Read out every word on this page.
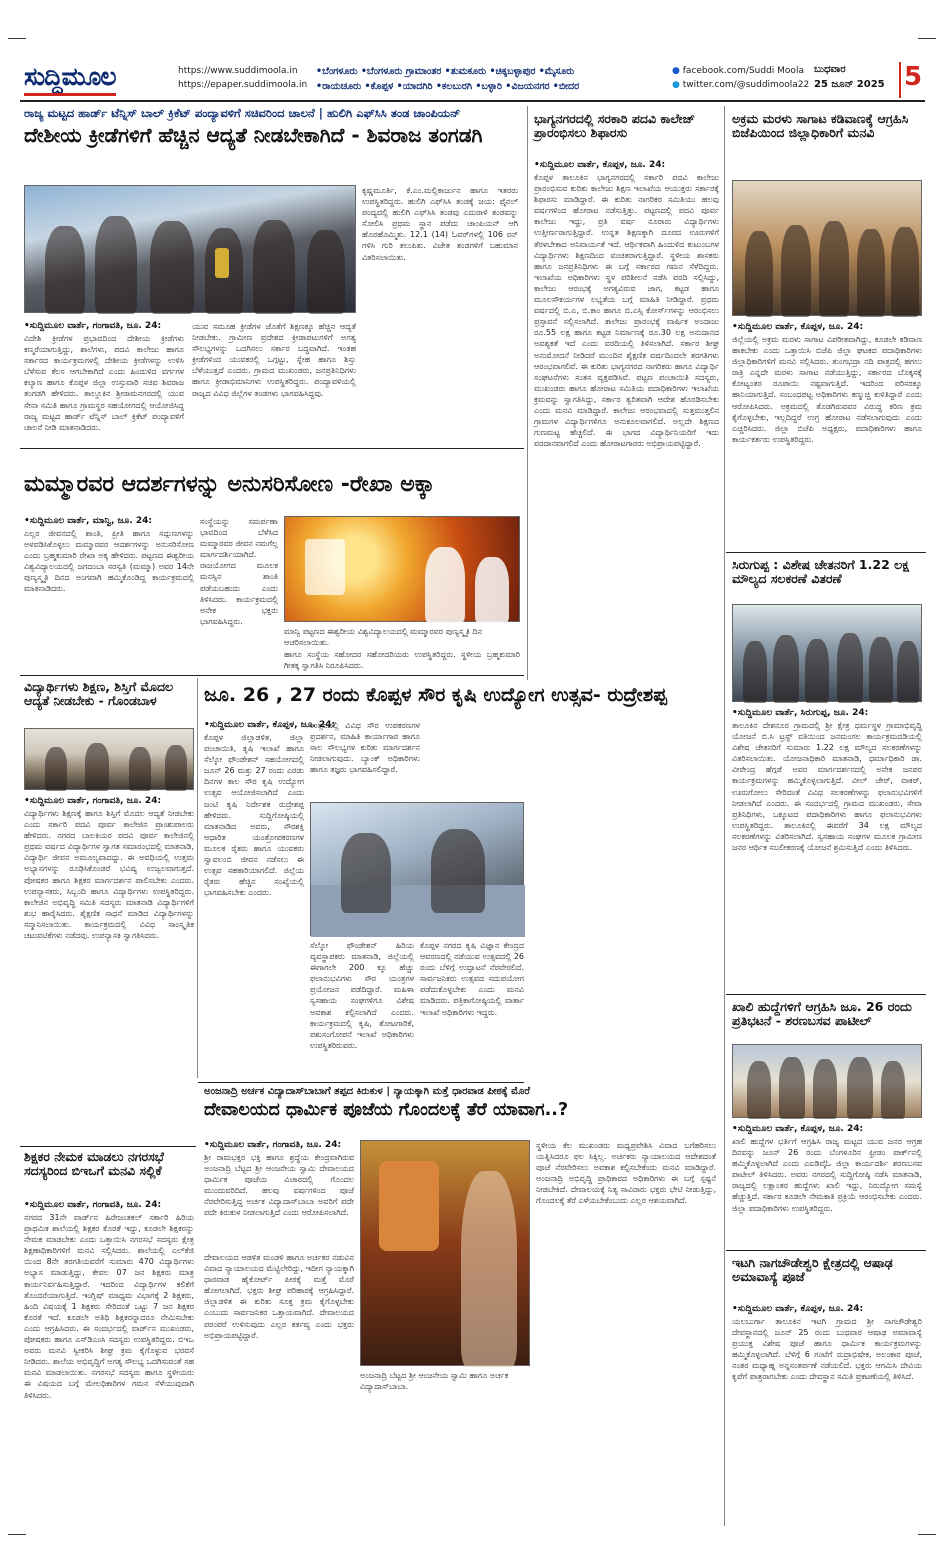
ಸುದ್ದಿಮೂಲ	https://www.suddimoola.in
https://epaper.suddimoola.in
•ಬೆಂಗಳೂರು •ಬೆಂಗಳೂರು ಗ್ರಾಮಾಂತರ •ತುಮಕೂರು •ಚಿಕ್ಕಬಳ್ಳಾಪುರ •ಮೈಸೂರು
•ರಾಯಚೂರು •ಕೊಪ್ಪಳ •ಯಾದಗಿರಿ •ಕಲಬುರಗಿ •ಬಳ್ಳಾರಿ •ವಿಜಯನಗರ •ಬೀದರ
● facebook.com/Suddi Moola
● twitter.com/@suddimoola22
ಬುಧವಾರ
25 ಜೂನ್ 2025 5
ರಾಜ್ಯ ಮಟ್ಟದ ಹಾರ್ಡ್ ಟೆನ್ನಿಸ್ ಬಾಲ್ ಕ್ರಿಕೆಟ್ ಪಂದ್ಯಾವಳಿಗೆ ಸಚಿವರಿಂದ ಚಾಲನೆ | ಹುಲಿಗಿ ಎಫ್‌ಸಿಸಿ ತಂಡ ಚಾಂಪಿಯನ್
ದೇಶೀಯ ಕ್ರೀಡೆಗಳಿಗೆ ಹೆಚ್ಚಿನ ಆದ್ಯತೆ ನೀಡಬೇಕಾಗಿದೆ - ಶಿವರಾಜ ತಂಗಡಗಿ
ಕೃಷ್ಣಮೂರ್ತಿ, ಕೆ.ಎಂ.ಮಲ್ಲಿಕಾರ್ಜುನ ಹಾಗೂ ಇತರರು ಉಪಸ್ಥಿತರಿದ್ದರು. ಹುಲಿಗಿ ಎಫ್‌ಸಿಸಿ ತಂಡಕ್ಕೆ ಜಯ: ಫೈನಲ್ ಪಂದ್ಯದಲ್ಲಿ ಹುಲಿಗಿ ಎಫ್‌ಸಿಸಿ ತಂಡವು ಎದುರಾಳಿ ತಂಡವನ್ನು ಸೋಲಿಸಿ ಪ್ರಥಮ ಸ್ಥಾನ ಪಡೆದು ಚಾಂಪಿಯನ್ ಆಗಿ ಹೊರಹೊಮ್ಮಿತು. 12.1 (14) ಓವರ್‌ಗಳಲ್ಲಿ 106 ರನ್ ಗಳಿಸಿ ಗುರಿ ತಲುಪಿತು. ವಿಜೇತ ತಂಡಗಳಿಗೆ ಬಹುಮಾನ ವಿತರಿಸಲಾಯಿತು.
•ಸುದ್ದಿಮೂಲ ವಾರ್ತೆ, ಗಂಗಾವತಿ, ಜೂ. 24:
ವಿದೇಶಿ ಕ್ರೀಡೆಗಳ ಪ್ರಭಾವದಿಂದ ದೇಶೀಯ ಕ್ರೀಡೆಗಳು ಕಣ್ಮರೆಯಾಗುತ್ತಿದ್ದು, ಶಾಲೆಗಳು, ಪದವಿ ಕಾಲೇಜು ಹಾಗೂ ಸರ್ಕಾರದ ಕಾರ್ಯಕ್ರಮಗಳಲ್ಲಿ ದೇಶೀಯ ಕ್ರೀಡೆಗಳನ್ನು ಉಳಿಸಿ ಬೆಳೆಸುವ ಕೆಲಸ ಆಗಬೇಕಾಗಿದೆ ಎಂದು ಹಿಂದುಳಿದ ವರ್ಗಗಳ ಕಲ್ಯಾಣ ಹಾಗೂ ಕೊಪ್ಪಳ ಜಿಲ್ಲಾ ಉಸ್ತುವಾರಿ ಸಚಿವ ಶಿವರಾಜ ತಂಗಡಗಿ ಹೇಳಿದರು. ತಾಲ್ಲೂಕಿನ ಶ್ರೀರಾಮನಗರದಲ್ಲಿ ಯುವ ಸೇನಾ ಸಮಿತಿ ಹಾಗೂ ಗ್ರಾಮಸ್ಥರ ಸಹಯೋಗದಲ್ಲಿ ಆಯೋಜಿಸಿದ್ದ ರಾಜ್ಯ ಮಟ್ಟದ ಹಾರ್ಡ್ ಟೆನ್ನಿಸ್ ಬಾಲ್ ಕ್ರಿಕೆಟ್ ಪಂದ್ಯಾವಳಿಗೆ ಚಾಲನೆ ನೀಡಿ ಮಾತನಾಡಿದರು.
ಯುವ ಸಮೂಹ ಕ್ರೀಡೆಗಳ ಜೊತೆಗೆ ಶಿಕ್ಷಣಕ್ಕೂ ಹೆಚ್ಚಿನ ಆದ್ಯತೆ ನೀಡಬೇಕು. ಗ್ರಾಮೀಣ ಪ್ರದೇಶದ ಕ್ರೀಡಾಪಟುಗಳಿಗೆ ಅಗತ್ಯ ಸೌಲಭ್ಯಗಳನ್ನು ಒದಗಿಸಲು ಸರ್ಕಾರ ಬದ್ಧವಾಗಿದೆ. ಇಂತಹ ಕ್ರೀಡೆಗಳಿಂದ ಯುವಕರಲ್ಲಿ ಒಗ್ಗಟ್ಟು, ಸ್ನೇಹ ಹಾಗೂ ಶಿಸ್ತು ಬೆಳೆಯುತ್ತದೆ ಎಂದರು. ಗ್ರಾಮದ ಮುಖಂಡರು, ಜನಪ್ರತಿನಿಧಿಗಳು ಹಾಗೂ ಕ್ರೀಡಾಭಿಮಾನಿಗಳು ಉಪಸ್ಥಿತರಿದ್ದರು. ಪಂದ್ಯಾವಳಿಯಲ್ಲಿ ರಾಜ್ಯದ ವಿವಿಧ ಜಿಲ್ಲೆಗಳ ತಂಡಗಳು ಭಾಗವಹಿಸಿದ್ದವು.
ಮಮ್ಮಾರವರ ಆದರ್ಶಗಳನ್ನು ಅನುಸರಿಸೋಣ -ರೇಖಾ ಅಕ್ಕಾ
•ಸುದ್ದಿಮೂಲ ವಾರ್ತೆ, ಮಾನ್ವಿ, ಜೂ. 24:
ಎಲ್ಲರ ಜೀವನದಲ್ಲಿ ಶಾಂತಿ, ಪ್ರೀತಿ ಹಾಗೂ ಸದ್ಗುಣಗಳನ್ನು ಅಳವಡಿಸಿಕೊಳ್ಳಲು ಮಮ್ಮಾರವರ ಆದರ್ಶಗಳನ್ನು ಅನುಸರಿಸೋಣ ಎಂದು ಬ್ರಹ್ಮಕುಮಾರಿ ರೇಖಾ ಅಕ್ಕ ಹೇಳಿದರು. ಪಟ್ಟಣದ ಈಶ್ವರೀಯ ವಿಶ್ವವಿದ್ಯಾಲಯದಲ್ಲಿ ಜಗದಂಬಾ ಸರಸ್ವತಿ (ಮಮ್ಮಾ) ಅವರ 14ನೇ ಪುಣ್ಯಸ್ಮೃತಿ ದಿನದ ಅಂಗವಾಗಿ ಹಮ್ಮಿಕೊಂಡಿದ್ದ ಕಾರ್ಯಕ್ರಮದಲ್ಲಿ ಮಾತನಾಡಿದರು.
ಸಂಸ್ಥೆಯನ್ನು ಸಮರ್ಪಣಾ ಭಾವದಿಂದ ಬೆಳೆಸಿದ ಮಮ್ಮಾರವರ ಜೀವನ ನಮಗೆಲ್ಲ ಮಾರ್ಗದರ್ಶಿಯಾಗಿದೆ. ರಾಜಯೋಗದ ಮೂಲಕ ಮನಸ್ಸಿನ ಶಾಂತಿ ಪಡೆಯಬಹುದು ಎಂದು ತಿಳಿಸಿದರು. ಕಾರ್ಯಕ್ರಮದಲ್ಲಿ ಅನೇಕ ಭಕ್ತರು ಭಾಗವಹಿಸಿದ್ದರು.
ಮಾನ್ವಿ ಪಟ್ಟಣದ ಈಶ್ವರೀಯ ವಿಶ್ವವಿದ್ಯಾಲಯದಲ್ಲಿ ಮಮ್ಮಾರವರ ಪುಣ್ಯಸ್ಮೃತಿ ದಿನ ಆಚರಿಸಲಾಯಿತು.
ಹಾಗೂ ಸಂಸ್ಥೆಯ ಸಹೋದರ ಸಹೋದರಿಯರು ಉಪಸ್ಥಿತರಿದ್ದರು. ಸ್ಥಳೀಯ ಬ್ರಹ್ಮಕುಮಾರಿ ಗೀತಕ್ಕ ಸ್ವಾಗತಿಸಿ ನಿರೂಪಿಸಿದರು.
ವಿದ್ಯಾರ್ಥಿಗಳು ಶಿಕ್ಷಣ, ಶಿಸ್ತಿಗೆ ಮೊದಲ ಆದ್ಯತೆ ನೀಡಬೇಕು - ಗೊಂಡಬಾಳ
•ಸುದ್ದಿಮೂಲ ವಾರ್ತೆ, ಗಂಗಾವತಿ, ಜೂ. 24:
ವಿದ್ಯಾರ್ಥಿಗಳು ಶಿಕ್ಷಣಕ್ಕೆ ಹಾಗೂ ಶಿಸ್ತಿಗೆ ಮೊದಲ ಆದ್ಯತೆ ನೀಡಬೇಕು ಎಂದು ಸರ್ಕಾರಿ ಪದವಿ ಪೂರ್ವ ಕಾಲೇಜಿನ ಪ್ರಾಂಶುಪಾಲರು ಹೇಳಿದರು. ನಗರದ ಬಾಲಕಿಯರ ಪದವಿ ಪೂರ್ವ ಕಾಲೇಜಿನಲ್ಲಿ ಪ್ರಥಮ ವರ್ಷದ ವಿದ್ಯಾರ್ಥಿಗಳ ಸ್ವಾಗತ ಸಮಾರಂಭದಲ್ಲಿ ಮಾತನಾಡಿ, ವಿದ್ಯಾರ್ಥಿ ಜೀವನ ಅಮೂಲ್ಯವಾದದ್ದು. ಈ ಅವಧಿಯಲ್ಲಿ ಉತ್ತಮ ಅಭ್ಯಾಸಗಳನ್ನು ರೂಢಿಸಿಕೊಂಡರೆ ಭವಿಷ್ಯ ಉಜ್ವಲವಾಗುತ್ತದೆ. ಪೋಷಕರ ಹಾಗೂ ಶಿಕ್ಷಕರ ಮಾರ್ಗದರ್ಶನ ಪಾಲಿಸಬೇಕು ಎಂದರು. ಉಪನ್ಯಾಸಕರು, ಸಿಬ್ಬಂದಿ ಹಾಗೂ ವಿದ್ಯಾರ್ಥಿಗಳು ಉಪಸ್ಥಿತರಿದ್ದರು. ಕಾಲೇಜಿನ ಅಭಿವೃದ್ಧಿ ಸಮಿತಿ ಸದಸ್ಯರು ಮಾತನಾಡಿ ವಿದ್ಯಾರ್ಥಿಗಳಿಗೆ ಶುಭ ಹಾರೈಸಿದರು. ಶೈಕ್ಷಣಿಕ ಸಾಧನೆ ಮಾಡಿದ ವಿದ್ಯಾರ್ಥಿಗಳನ್ನು ಸನ್ಮಾನಿಸಲಾಯಿತು. ಕಾರ್ಯಕ್ರಮದಲ್ಲಿ ವಿವಿಧ ಸಾಂಸ್ಕೃತಿಕ ಚಟುವಟಿಕೆಗಳು ನಡೆದವು. ಉಪನ್ಯಾಸಕಿ ಸ್ವಾಗತಿಸಿದರು.
ಜೂ. 26 , 27 ರಂದು ಕೊಪ್ಪಳ ಸೌರ ಕೃಷಿ ಉದ್ಯೋಗ ಉತ್ಸವ- ರುದ್ರೇಶಪ್ಪ
•ಸುದ್ದಿಮೂಲ ವಾರ್ತೆ, ಕೊಪ್ಪಳ, ಜೂ. 24:
ಕೊಪ್ಪಳ ಜಿಲ್ಲಾಡಳಿತ, ಜಿಲ್ಲಾ ಪಂಚಾಯಿತಿ, ಕೃಷಿ ಇಲಾಖೆ ಹಾಗೂ ಸೆಲ್ಕೋ ಫೌಂಡೇಶನ್ ಸಹಯೋಗದಲ್ಲಿ ಜೂನ್ 26 ಮತ್ತು 27 ರಂದು ಎರಡು ದಿನಗಳ ಕಾಲ ಸೌರ ಕೃಷಿ ಉದ್ಯೋಗ ಉತ್ಸವ ಆಯೋಜಿಸಲಾಗಿದೆ ಎಂದು ಜಂಟಿ ಕೃಷಿ ನಿರ್ದೇಶಕ ರುದ್ರೇಶಪ್ಪ ಹೇಳಿದರು. ಸುದ್ದಿಗೋಷ್ಠಿಯಲ್ಲಿ ಮಾತನಾಡಿದ ಅವರು, ಸೌರಶಕ್ತಿ ಆಧಾರಿತ ಯಂತ್ರೋಪಕರಣಗಳ ಮೂಲಕ ರೈತರು ಹಾಗೂ ಯುವಕರು ಸ್ವಾವಲಂಬಿ ಜೀವನ ನಡೆಸಲು ಈ ಉತ್ಸವ ಸಹಕಾರಿಯಾಗಲಿದೆ. ಜಿಲ್ಲೆಯ ರೈತರು ಹೆಚ್ಚಿನ ಸಂಖ್ಯೆಯಲ್ಲಿ ಭಾಗವಹಿಸಬೇಕು ಎಂದರು.
ಉತ್ಸವದಲ್ಲಿ ವಿವಿಧ ಸೌರ ಉಪಕರಣಗಳ ಪ್ರದರ್ಶನ, ಮಾಹಿತಿ ಕಾರ್ಯಾಗಾರ ಹಾಗೂ ಸಾಲ ಸೌಲಭ್ಯಗಳ ಕುರಿತು ಮಾರ್ಗದರ್ಶನ ನೀಡಲಾಗುವುದು. ಬ್ಯಾಂಕ್ ಅಧಿಕಾರಿಗಳು ಹಾಗೂ ತಜ್ಞರು ಭಾಗವಹಿಸಲಿದ್ದಾರೆ.
ಸೆಲ್ಕೋ ಫೌಂಡೇಶನ್ ಹಿರಿಯ ವ್ಯವಸ್ಥಾಪಕರು ಮಾತನಾಡಿ, ಜಿಲ್ಲೆಯಲ್ಲಿ ಈಗಾಗಲೇ 200 ಕ್ಕೂ ಹೆಚ್ಚು ಫಲಾನುಭವಿಗಳು ಸೌರ ಯಂತ್ರಗಳ ಪ್ರಯೋಜನ ಪಡೆದಿದ್ದಾರೆ. ಮಹಿಳಾ ಸ್ವಸಹಾಯ ಸಂಘಗಳಿಗೂ ವಿಶೇಷ ಅವಕಾಶ ಕಲ್ಪಿಸಲಾಗಿದೆ ಎಂದರು. ಕಾರ್ಯಕ್ರಮದಲ್ಲಿ ಕೃಷಿ, ತೋಟಗಾರಿಕೆ, ಪಶುಸಂಗೋಪನೆ ಇಲಾಖೆ ಅಧಿಕಾರಿಗಳು ಉಪಸ್ಥಿತರಿರುವರು.
ಕೊಪ್ಪಳ ನಗರದ ಕೃಷಿ ವಿಜ್ಞಾನ ಕೇಂದ್ರದ ಆವರಣದಲ್ಲಿ ನಡೆಯುವ ಉತ್ಸವದಲ್ಲಿ 26 ರಂದು ಬೆಳಿಗ್ಗೆ ಉದ್ಘಾಟನೆ ನೆರವೇರಲಿದೆ. ಸಾರ್ವಜನಿಕರು ಉತ್ಸವದ ಸದುಪಯೋಗ ಪಡೆದುಕೊಳ್ಳಬೇಕು ಎಂದು ಮನವಿ ಮಾಡಿದರು. ಪತ್ರಿಕಾಗೋಷ್ಠಿಯಲ್ಲಿ ವಾರ್ತಾ ಇಲಾಖೆ ಅಧಿಕಾರಿಗಳು ಇದ್ದರು.
ಅಂಜನಾದ್ರಿ ಅರ್ಚಕ ವಿದ್ಯಾದಾಸ್‌ಬಾಬಾಗೆ ತಪ್ಪದ ಕಿರುಕುಳ | ನ್ಯಾಯಕ್ಕಾಗಿ ಮತ್ತೆ ಧಾರವಾಡ ಪೀಠಕ್ಕೆ ಮೊರೆ
ದೇವಾಲಯದ ಧಾರ್ಮಿಕ ಪೂಜೆಯ ಗೊಂದಲಕ್ಕೆ ತೆರೆ ಯಾವಾಗ..?
•ಸುದ್ದಿಮೂಲ ವಾರ್ತೆ, ಗಂಗಾವತಿ, ಜೂ. 24:
ಶ್ರೀ ರಾಮಭಕ್ತರ ಭಕ್ತಿ ಹಾಗೂ ಶ್ರದ್ಧೆಯ ಕೇಂದ್ರವಾಗಿರುವ ಅಂಜನಾದ್ರಿ ಬೆಟ್ಟದ ಶ್ರೀ ಆಂಜನೇಯ ಸ್ವಾಮಿ ದೇವಾಲಯದ ಧಾರ್ಮಿಕ ಪೂಜೆಯ ವಿಚಾರದಲ್ಲಿ ಗೊಂದಲ ಮುಂದುವರಿದಿದೆ. ಹಲವು ವರ್ಷಗಳಿಂದ ಪೂಜೆ ನೆರವೇರಿಸುತ್ತಿದ್ದ ಅರ್ಚಕ ವಿದ್ಯಾದಾಸ್‌ಬಾಬಾ ಅವರಿಗೆ ಪದೇ ಪದೇ ಕಿರುಕುಳ ನೀಡಲಾಗುತ್ತಿದೆ ಎಂದು ಆರೋಪಿಸಲಾಗಿದೆ.
ದೇವಾಲಯದ ಆಡಳಿತ ಮಂಡಳಿ ಹಾಗೂ ಅರ್ಚಕರ ನಡುವಿನ ವಿವಾದ ನ್ಯಾಯಾಲಯದ ಮೆಟ್ಟಿಲೇರಿದ್ದು, ಇದೀಗ ನ್ಯಾಯಕ್ಕಾಗಿ ಧಾರವಾಡ ಹೈಕೋರ್ಟ್ ಪೀಠಕ್ಕೆ ಮತ್ತೆ ಮೊರೆ ಹೋಗಲಾಗಿದೆ. ಭಕ್ತರು ಶೀಘ್ರ ಪರಿಹಾರಕ್ಕೆ ಆಗ್ರಹಿಸಿದ್ದಾರೆ. ಜಿಲ್ಲಾಡಳಿತ ಈ ಕುರಿತು ಸೂಕ್ತ ಕ್ರಮ ಕೈಗೊಳ್ಳಬೇಕು ಎಂಬುದು ಸಾರ್ವಜನಿಕರ ಒತ್ತಾಯವಾಗಿದೆ. ದೇವಾಲಯದ ಪರಂಪರೆ ಉಳಿಸುವುದು ಎಲ್ಲರ ಕರ್ತವ್ಯ ಎಂದು ಭಕ್ತರು ಅಭಿಪ್ರಾಯಪಟ್ಟಿದ್ದಾರೆ.
ಅಂಜನಾದ್ರಿ ಬೆಟ್ಟದ ಶ್ರೀ ಆಂಜನೇಯ ಸ್ವಾಮಿ ಹಾಗೂ ಅರ್ಚಕ ವಿದ್ಯಾದಾಸ್‌ಬಾಬಾ.
ಸ್ಥಳೀಯ ಕೆಲ ಮುಖಂಡರು ಮಧ್ಯಪ್ರವೇಶಿಸಿ ವಿವಾದ ಬಗೆಹರಿಸಲು ಯತ್ನಿಸಿದರೂ ಫಲ ಸಿಕ್ಕಿಲ್ಲ. ಅರ್ಚಕರು ನ್ಯಾಯಾಲಯದ ಆದೇಶದಂತೆ ಪೂಜೆ ನೆರವೇರಿಸಲು ಅವಕಾಶ ಕಲ್ಪಿಸಬೇಕೆಂದು ಮನವಿ ಮಾಡಿದ್ದಾರೆ. ಅಂಜನಾದ್ರಿ ಅಭಿವೃದ್ಧಿ ಪ್ರಾಧಿಕಾರದ ಅಧಿಕಾರಿಗಳು ಈ ಬಗ್ಗೆ ಸ್ಪಷ್ಟನೆ ನೀಡಬೇಕಿದೆ. ದೇವಾಲಯಕ್ಕೆ ನಿತ್ಯ ಸಾವಿರಾರು ಭಕ್ತರು ಭೇಟಿ ನೀಡುತ್ತಿದ್ದು, ಗೊಂದಲಕ್ಕೆ ತೆರೆ ಎಳೆಯಬೇಕೆಂಬುದು ಎಲ್ಲರ ಆಶಯವಾಗಿದೆ.
ಶಿಕ್ಷಕರ ನೇಮಕ ಮಾಡಲು ನಗರಸಭೆ ಸದಸ್ಯರಿಂದ ಬಿಇಒಗೆ ಮನವಿ ಸಲ್ಲಿಕೆ
•ಸುದ್ದಿಮೂಲ ವಾರ್ತೆ, ಗಂಗಾವತಿ, ಜೂ. 24:
ನಗರದ 31ನೇ ವಾರ್ಡ್‌ನ ಹಿರೇಜಂತಕಲ್ ಸರ್ಕಾರಿ ಹಿರಿಯ ಪ್ರಾಥಮಿಕ ಶಾಲೆಯಲ್ಲಿ ಶಿಕ್ಷಕರ ಕೊರತೆ ಇದ್ದು, ಕೂಡಲೇ ಶಿಕ್ಷಕರನ್ನು ನೇಮಕ ಮಾಡಬೇಕು ಎಂದು ಒತ್ತಾಯಿಸಿ ನಗರಸಭೆ ಸದಸ್ಯರು ಕ್ಷೇತ್ರ ಶಿಕ್ಷಣಾಧಿಕಾರಿಗಳಿಗೆ ಮನವಿ ಸಲ್ಲಿಸಿದರು. ಶಾಲೆಯಲ್ಲಿ ಎಲ್‌ಕೆಜಿ ಯಿಂದ 8ನೇ ತರಗತಿಯವರೆಗೆ ಸುಮಾರು 470 ವಿದ್ಯಾರ್ಥಿಗಳು ಅಭ್ಯಾಸ ಮಾಡುತ್ತಿದ್ದು, ಕೇವಲ 07 ಜನ ಶಿಕ್ಷಕರು ಮಾತ್ರ ಕಾರ್ಯನಿರ್ವಹಿಸುತ್ತಿದ್ದಾರೆ. ಇದರಿಂದ ವಿದ್ಯಾರ್ಥಿಗಳ ಕಲಿಕೆಗೆ ತೊಂದರೆಯಾಗುತ್ತಿದೆ. ಇಂಗ್ಲಿಷ್ ಮಾಧ್ಯಮ ವಿಭಾಗಕ್ಕೆ 2 ಶಿಕ್ಷಕರು, ಹಿಂದಿ ವಿಷಯಕ್ಕೆ 1 ಶಿಕ್ಷಕರು ಸೇರಿದಂತೆ ಒಟ್ಟು 7 ಜನ ಶಿಕ್ಷಕರ ಕೊರತೆ ಇದೆ. ಕೂಡಲೇ ಅತಿಥಿ ಶಿಕ್ಷಕರನ್ನಾದರೂ ನೇಮಿಸಬೇಕು ಎಂದು ಆಗ್ರಹಿಸಿದರು. ಈ ಸಂದರ್ಭದಲ್ಲಿ ವಾರ್ಡ್‌ನ ಮುಖಂಡರು, ಪೋಷಕರು ಹಾಗೂ ಎಸ್‌ಡಿಎಂಸಿ ಸದಸ್ಯರು ಉಪಸ್ಥಿತರಿದ್ದರು. ಬಿಇಒ ಅವರು ಮನವಿ ಸ್ವೀಕರಿಸಿ ಶೀಘ್ರ ಕ್ರಮ ಕೈಗೊಳ್ಳುವ ಭರವಸೆ ನೀಡಿದರು. ಶಾಲೆಯ ಅಭಿವೃದ್ಧಿಗೆ ಅಗತ್ಯ ಸೌಲಭ್ಯ ಒದಗಿಸುವಂತೆ ಸಹ ಮನವಿ ಮಾಡಲಾಯಿತು. ನಗರಸಭೆ ಸದಸ್ಯರು ಹಾಗೂ ಸ್ಥಳೀಯರು ಈ ವಿಷಯದ ಬಗ್ಗೆ ಮೇಲಧಿಕಾರಿಗಳ ಗಮನ ಸೆಳೆಯುವುದಾಗಿ ತಿಳಿಸಿದರು.
ಭಾಗ್ಯನಗರದಲ್ಲಿ ಸರಕಾರಿ ಪದವಿ ಕಾಲೇಜ್ ಪ್ರಾರಂಭಿಸಲು ಶಿಫಾರಸು
•ಸುದ್ದಿಮೂಲ ವಾರ್ತೆ, ಕೊಪ್ಪಳ, ಜೂ. 24:
ಕೊಪ್ಪಳ ತಾಲೂಕಿನ ಭಾಗ್ಯನಗರದಲ್ಲಿ ಸರ್ಕಾರಿ ಪದವಿ ಕಾಲೇಜು ಪ್ರಾರಂಭಿಸುವ ಕುರಿತು ಕಾಲೇಜು ಶಿಕ್ಷಣ ಇಲಾಖೆಯ ಆಯುಕ್ತರು ಸರ್ಕಾರಕ್ಕೆ ಶಿಫಾರಸು ಮಾಡಿದ್ದಾರೆ. ಈ ಕುರಿತು ನಾಗರಿಕರ ಸಮಿತಿಯು ಹಲವು ವರ್ಷಗಳಿಂದ ಹೋರಾಟ ನಡೆಸುತ್ತಿತ್ತು. ಪಟ್ಟಣದಲ್ಲಿ ಪದವಿ ಪೂರ್ವ ಕಾಲೇಜು ಇದ್ದು, ಪ್ರತಿ ವರ್ಷ ನೂರಾರು ವಿದ್ಯಾರ್ಥಿಗಳು ಉತ್ತೀರ್ಣರಾಗುತ್ತಿದ್ದಾರೆ. ಉನ್ನತ ಶಿಕ್ಷಣಕ್ಕಾಗಿ ದೂರದ ಊರುಗಳಿಗೆ ತೆರಳಬೇಕಾದ ಅನಿವಾರ್ಯತೆ ಇದೆ. ಆರ್ಥಿಕವಾಗಿ ಹಿಂದುಳಿದ ಕುಟುಂಬಗಳ ವಿದ್ಯಾರ್ಥಿಗಳು ಶಿಕ್ಷಣದಿಂದ ವಂಚಿತರಾಗುತ್ತಿದ್ದಾರೆ. ಸ್ಥಳೀಯ ಶಾಸಕರು ಹಾಗೂ ಜನಪ್ರತಿನಿಧಿಗಳು ಈ ಬಗ್ಗೆ ಸರ್ಕಾರದ ಗಮನ ಸೆಳೆದಿದ್ದರು. ಇಲಾಖೆಯ ಅಧಿಕಾರಿಗಳು ಸ್ಥಳ ಪರಿಶೀಲನೆ ನಡೆಸಿ ವರದಿ ಸಲ್ಲಿಸಿದ್ದು, ಕಾಲೇಜು ಆರಂಭಕ್ಕೆ ಅಗತ್ಯವಿರುವ ಜಾಗ, ಕಟ್ಟಡ ಹಾಗೂ ಮೂಲಸೌಕರ್ಯಗಳ ಲಭ್ಯತೆಯ ಬಗ್ಗೆ ಮಾಹಿತಿ ನೀಡಿದ್ದಾರೆ. ಪ್ರಥಮ ವರ್ಷದಲ್ಲಿ ಬಿ.ಎ, ಬಿ.ಕಾಂ ಹಾಗೂ ಬಿ.ಎಸ್ಸಿ ಕೋರ್ಸ್‌ಗಳನ್ನು ಆರಂಭಿಸಲು ಪ್ರಸ್ತಾವನೆ ಸಲ್ಲಿಸಲಾಗಿದೆ. ಕಾಲೇಜು ಪ್ರಾರಂಭಕ್ಕೆ ವಾರ್ಷಿಕ ಅಂದಾಜು ರೂ.55 ಲಕ್ಷ ಹಾಗೂ ಕಟ್ಟಡ ನಿರ್ಮಾಣಕ್ಕೆ ರೂ.30 ಲಕ್ಷ ಅನುದಾನದ ಅವಶ್ಯಕತೆ ಇದೆ ಎಂದು ವರದಿಯಲ್ಲಿ ತಿಳಿಸಲಾಗಿದೆ. ಸರ್ಕಾರ ಶೀಘ್ರ ಅನುಮೋದನೆ ನೀಡಿದರೆ ಮುಂದಿನ ಶೈಕ್ಷಣಿಕ ವರ್ಷದಿಂದಲೇ ತರಗತಿಗಳು ಆರಂಭವಾಗಲಿವೆ. ಈ ಕುರಿತು ಭಾಗ್ಯನಗರದ ನಾಗರಿಕರು ಹಾಗೂ ವಿದ್ಯಾರ್ಥಿ ಸಂಘಟನೆಗಳು ಸಂತಸ ವ್ಯಕ್ತಪಡಿಸಿವೆ. ಪಟ್ಟಣ ಪಂಚಾಯಿತಿ ಸದಸ್ಯರು, ಮುಖಂಡರು ಹಾಗೂ ಹೋರಾಟ ಸಮಿತಿಯ ಪದಾಧಿಕಾರಿಗಳು ಇಲಾಖೆಯ ಕ್ರಮವನ್ನು ಸ್ವಾಗತಿಸಿದ್ದು, ಸರ್ಕಾರ ತ್ವರಿತವಾಗಿ ಆದೇಶ ಹೊರಡಿಸಬೇಕು ಎಂದು ಮನವಿ ಮಾಡಿದ್ದಾರೆ. ಕಾಲೇಜು ಆರಂಭವಾದಲ್ಲಿ ಸುತ್ತಮುತ್ತಲಿನ ಗ್ರಾಮಗಳ ವಿದ್ಯಾರ್ಥಿಗಳಿಗೂ ಅನುಕೂಲವಾಗಲಿದೆ. ಅಲ್ಲದೇ ಶಿಕ್ಷಣದ ಗುಣಮಟ್ಟ ಹೆಚ್ಚಲಿದೆ. ಈ ಭಾಗದ ವಿದ್ಯಾರ್ಥಿನಿಯರಿಗೆ ಇದು ವರದಾನವಾಗಲಿದೆ ಎಂದು ಹೋರಾಟಗಾರರು ಅಭಿಪ್ರಾಯಪಟ್ಟಿದ್ದಾರೆ.
ಅಕ್ರಮ ಮರಳು ಸಾಗಾಟ ಕಡಿವಾಣಕ್ಕೆ ಆಗ್ರಹಿಸಿ ಬಿಜೆಪಿಯಿಂದ ಜಿಲ್ಲಾಧಿಕಾರಿಗೆ ಮನವಿ
•ಸುದ್ದಿಮೂಲ ವಾರ್ತೆ, ಕೊಪ್ಪಳ, ಜೂ. 24:
ಜಿಲ್ಲೆಯಲ್ಲಿ ಅಕ್ರಮ ಮರಳು ಸಾಗಾಟ ವಿಪರೀತವಾಗಿದ್ದು, ಕೂಡಲೇ ಕಡಿವಾಣ ಹಾಕಬೇಕು ಎಂದು ಒತ್ತಾಯಿಸಿ ಬಿಜೆಪಿ ಜಿಲ್ಲಾ ಘಟಕದ ಪದಾಧಿಕಾರಿಗಳು ಜಿಲ್ಲಾಧಿಕಾರಿಗಳಿಗೆ ಮನವಿ ಸಲ್ಲಿಸಿದರು. ತುಂಗಭದ್ರಾ ನದಿ ಪಾತ್ರದಲ್ಲಿ ಹಗಲು ರಾತ್ರಿ ಎನ್ನದೇ ಮರಳು ಸಾಗಾಟ ನಡೆಯುತ್ತಿದ್ದು, ಸರ್ಕಾರದ ಬೊಕ್ಕಸಕ್ಕೆ ಕೋಟ್ಯಂತರ ರೂಪಾಯಿ ನಷ್ಟವಾಗುತ್ತಿದೆ. ಇದರಿಂದ ಪರಿಸರಕ್ಕೂ ಹಾನಿಯಾಗುತ್ತಿದೆ. ಸಂಬಂಧಪಟ್ಟ ಅಧಿಕಾರಿಗಳು ಕಣ್ಮುಚ್ಚಿ ಕುಳಿತಿದ್ದಾರೆ ಎಂದು ಆರೋಪಿಸಿದರು. ಅಕ್ರಮದಲ್ಲಿ ತೊಡಗಿರುವವರ ವಿರುದ್ಧ ಕಠಿಣ ಕ್ರಮ ಕೈಗೊಳ್ಳಬೇಕು, ಇಲ್ಲದಿದ್ದರೆ ಉಗ್ರ ಹೋರಾಟ ನಡೆಸಲಾಗುವುದು ಎಂದು ಎಚ್ಚರಿಸಿದರು. ಜಿಲ್ಲಾ ಬಿಜೆಪಿ ಅಧ್ಯಕ್ಷರು, ಪದಾಧಿಕಾರಿಗಳು ಹಾಗೂ ಕಾರ್ಯಕರ್ತರು ಉಪಸ್ಥಿತರಿದ್ದರು.
ಸಿರುಗುಪ್ಪ : ವಿಶೇಷ ಚೇತನರಿಗೆ 1.22 ಲಕ್ಷ ಮೌಲ್ಯದ ಸಲಕರಣೆ ವಿತರಣೆ
•ಸುದ್ದಿಮೂಲ ವಾರ್ತೆ, ಸಿರುಗುಪ್ಪ, ಜೂ. 24:
ತಾಲೂಕಿನ ದೇಶನೂರ ಗ್ರಾಮದಲ್ಲಿ ಶ್ರೀ ಕ್ಷೇತ್ರ ಧರ್ಮಸ್ಥಳ ಗ್ರಾಮಾಭಿವೃದ್ಧಿ ಯೋಜನೆ ಬಿ.ಸಿ ಟ್ರಸ್ಟ್ ವತಿಯಿಂದ ಜನಮಂಗಲ ಕಾರ್ಯಕ್ರಮದಡಿಯಲ್ಲಿ ವಿಶೇಷ ಚೇತನರಿಗೆ ಸುಮಾರು 1.22 ಲಕ್ಷ ಮೌಲ್ಯದ ಸಲಕರಣೆಗಳನ್ನು ವಿತರಿಸಲಾಯಿತು. ಯೋಜನಾಧಿಕಾರಿ ಮಾತನಾಡಿ, ಧರ್ಮಾಧಿಕಾರಿ ಡಾ. ವೀರೇಂದ್ರ ಹೆಗ್ಗಡೆ ಅವರ ಮಾರ್ಗದರ್ಶನದಲ್ಲಿ ಅನೇಕ ಜನಪರ ಕಾರ್ಯಕ್ರಮಗಳನ್ನು ಹಮ್ಮಿಕೊಳ್ಳಲಾಗುತ್ತಿದೆ. ವೀಲ್ ಚೇರ್, ವಾಕರ್, ಊರುಗೋಲು ಸೇರಿದಂತೆ ವಿವಿಧ ಸಲಕರಣೆಗಳನ್ನು ಫಲಾನುಭವಿಗಳಿಗೆ ನೀಡಲಾಗಿದೆ ಎಂದರು. ಈ ಸಂದರ್ಭದಲ್ಲಿ ಗ್ರಾಮದ ಮುಖಂಡರು, ಸೇವಾ ಪ್ರತಿನಿಧಿಗಳು, ಒಕ್ಕೂಟದ ಪದಾಧಿಕಾರಿಗಳು ಹಾಗೂ ಫಲಾನುಭವಿಗಳು ಉಪಸ್ಥಿತರಿದ್ದರು. ತಾಲೂಕಿನಲ್ಲಿ ಈವರೆಗೆ 34 ಲಕ್ಷ ಮೌಲ್ಯದ ಸಲಕರಣೆಗಳನ್ನು ವಿತರಿಸಲಾಗಿದೆ. ಸ್ವಸಹಾಯ ಸಂಘಗಳ ಮೂಲಕ ಗ್ರಾಮೀಣ ಜನರ ಆರ್ಥಿಕ ಸಬಲೀಕರಣಕ್ಕೆ ಯೋಜನೆ ಶ್ರಮಿಸುತ್ತಿದೆ ಎಂದು ತಿಳಿಸಿದರು.
ಖಾಲಿ ಹುದ್ದೆಗಳಿಗೆ ಆಗ್ರಹಿಸಿ ಜೂ. 26 ರಂದು ಪ್ರತಿಭಟನೆ - ಶರಣಬಸವ ಪಾಟೀಲ್
•ಸುದ್ದಿಮೂಲ ವಾರ್ತೆ, ಕೊಪ್ಪಳ, ಜೂ. 24:
ಖಾಲಿ ಹುದ್ದೆಗಳ ಭರ್ತಿಗೆ ಆಗ್ರಹಿಸಿ ರಾಜ್ಯ ಮಟ್ಟದ ಯುವ ಜನರ ಆಗ್ರಹ ದಿನವನ್ನು ಜೂನ್ 26 ರಂದು ಬೆಂಗಳೂರಿನ ಫ್ರೀಡಂ ಪಾರ್ಕ್‌ನಲ್ಲಿ ಹಮ್ಮಿಕೊಳ್ಳಲಾಗಿದೆ ಎಂದು ಎಐಡಿವೈಓ ಜಿಲ್ಲಾ ಕಾರ್ಯದರ್ಶಿ ಶರಣಬಸವ ಪಾಟೀಲ್ ತಿಳಿಸಿದರು. ಅವರು ನಗರದಲ್ಲಿ ಸುದ್ದಿಗೋಷ್ಠಿ ನಡೆಸಿ ಮಾತನಾಡಿ, ರಾಜ್ಯದಲ್ಲಿ ಲಕ್ಷಾಂತರ ಹುದ್ದೆಗಳು ಖಾಲಿ ಇದ್ದು, ನಿರುದ್ಯೋಗ ಸಮಸ್ಯೆ ಹೆಚ್ಚುತ್ತಿದೆ. ಸರ್ಕಾರ ಕೂಡಲೇ ನೇಮಕಾತಿ ಪ್ರಕ್ರಿಯೆ ಆರಂಭಿಸಬೇಕು ಎಂದರು. ಜಿಲ್ಲಾ ಪದಾಧಿಕಾರಿಗಳು ಉಪಸ್ಥಿತರಿದ್ದರು.
ಇಟಗಿ ನಾಗಚೌಡೇಶ್ವರಿ ಕ್ಷೇತ್ರದಲ್ಲಿ ಆಷಾಢ ಅಮಾವಾಸ್ಯೆ ಪೂಜೆ
•ಸುದ್ದಿಮೂಲ ವಾರ್ತೆ, ಕೊಪ್ಪಳ, ಜೂ. 24:
ಯಲಬುರ್ಗಾ ತಾಲೂಕಿನ ಇಟಗಿ ಗ್ರಾಮದ ಶ್ರೀ ನಾಗಚೌಡೇಶ್ವರಿ ದೇವಸ್ಥಾನದಲ್ಲಿ ಜೂನ್ 25 ರಂದು ಬುಧವಾರ ಆಷಾಢ ಅಮಾವಾಸ್ಯೆ ಪ್ರಯುಕ್ತ ವಿಶೇಷ ಪೂಜೆ ಹಾಗೂ ಧಾರ್ಮಿಕ ಕಾರ್ಯಕ್ರಮಗಳನ್ನು ಹಮ್ಮಿಕೊಳ್ಳಲಾಗಿದೆ. ಬೆಳಿಗ್ಗೆ 6 ಗಂಟೆಗೆ ರುದ್ರಾಭಿಷೇಕ, ಅಲಂಕಾರ ಪೂಜೆ, ನಂತರ ಮಧ್ಯಾಹ್ನ ಅನ್ನಸಂತರ್ಪಣೆ ನಡೆಯಲಿದೆ. ಭಕ್ತರು ಆಗಮಿಸಿ ದೇವಿಯ ಕೃಪೆಗೆ ಪಾತ್ರರಾಗಬೇಕು ಎಂದು ದೇವಸ್ಥಾನ ಸಮಿತಿ ಪ್ರಕಟಣೆಯಲ್ಲಿ ತಿಳಿಸಿದೆ.
